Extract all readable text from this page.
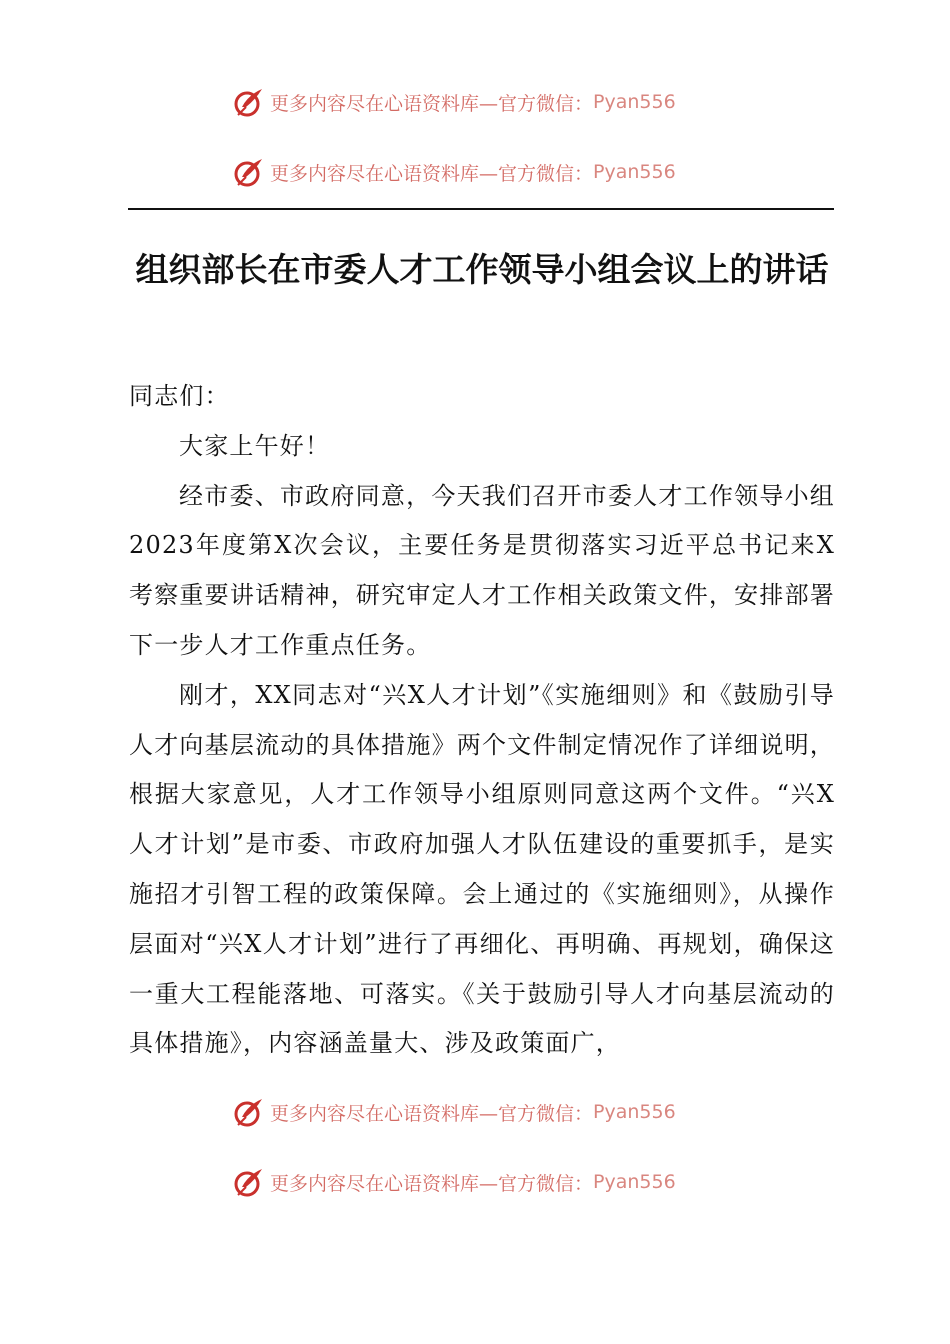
更多内容尽在心语资料库—官方微信： Pyan556
更多内容尽在心语资料库—官方微信： Pyan556
组织部长在市委人才工作领导小组会议上的讲话

同志们：

大家上午好！

经市委、市政府同意，今天我们召开市委人才工作领导小组2023年度第X次会议，主要任务是贯彻落实习近平总书记来X考察重要讲话精神，研究审定人才工作相关政策文件，安排部署下一步人才工作重点任务。

刚才，XX同志对“兴X人才计划”《实施细则》和《鼓励引导人才向基层流动的具体措施》两个文件制定情况作了详细说明，根据大家意见，人才工作领导小组原则同意这两个文件。“兴X人才计划”是市委、市政府加强人才队伍建设的重要抓手，是实施招才引智工程的政策保障。会上通过的《实施细则》，从操作层面对“兴X人才计划”进行了再细化、再明确、再规划，确保这一重大工程能落地、可落实。《关于鼓励引导人才向基层流动的具体措施》，内容涵盖量大、涉及政策面广，

更多内容尽在心语资料库—官方微信： Pyan556
更多内容尽在心语资料库—官方微信： Pyan556
